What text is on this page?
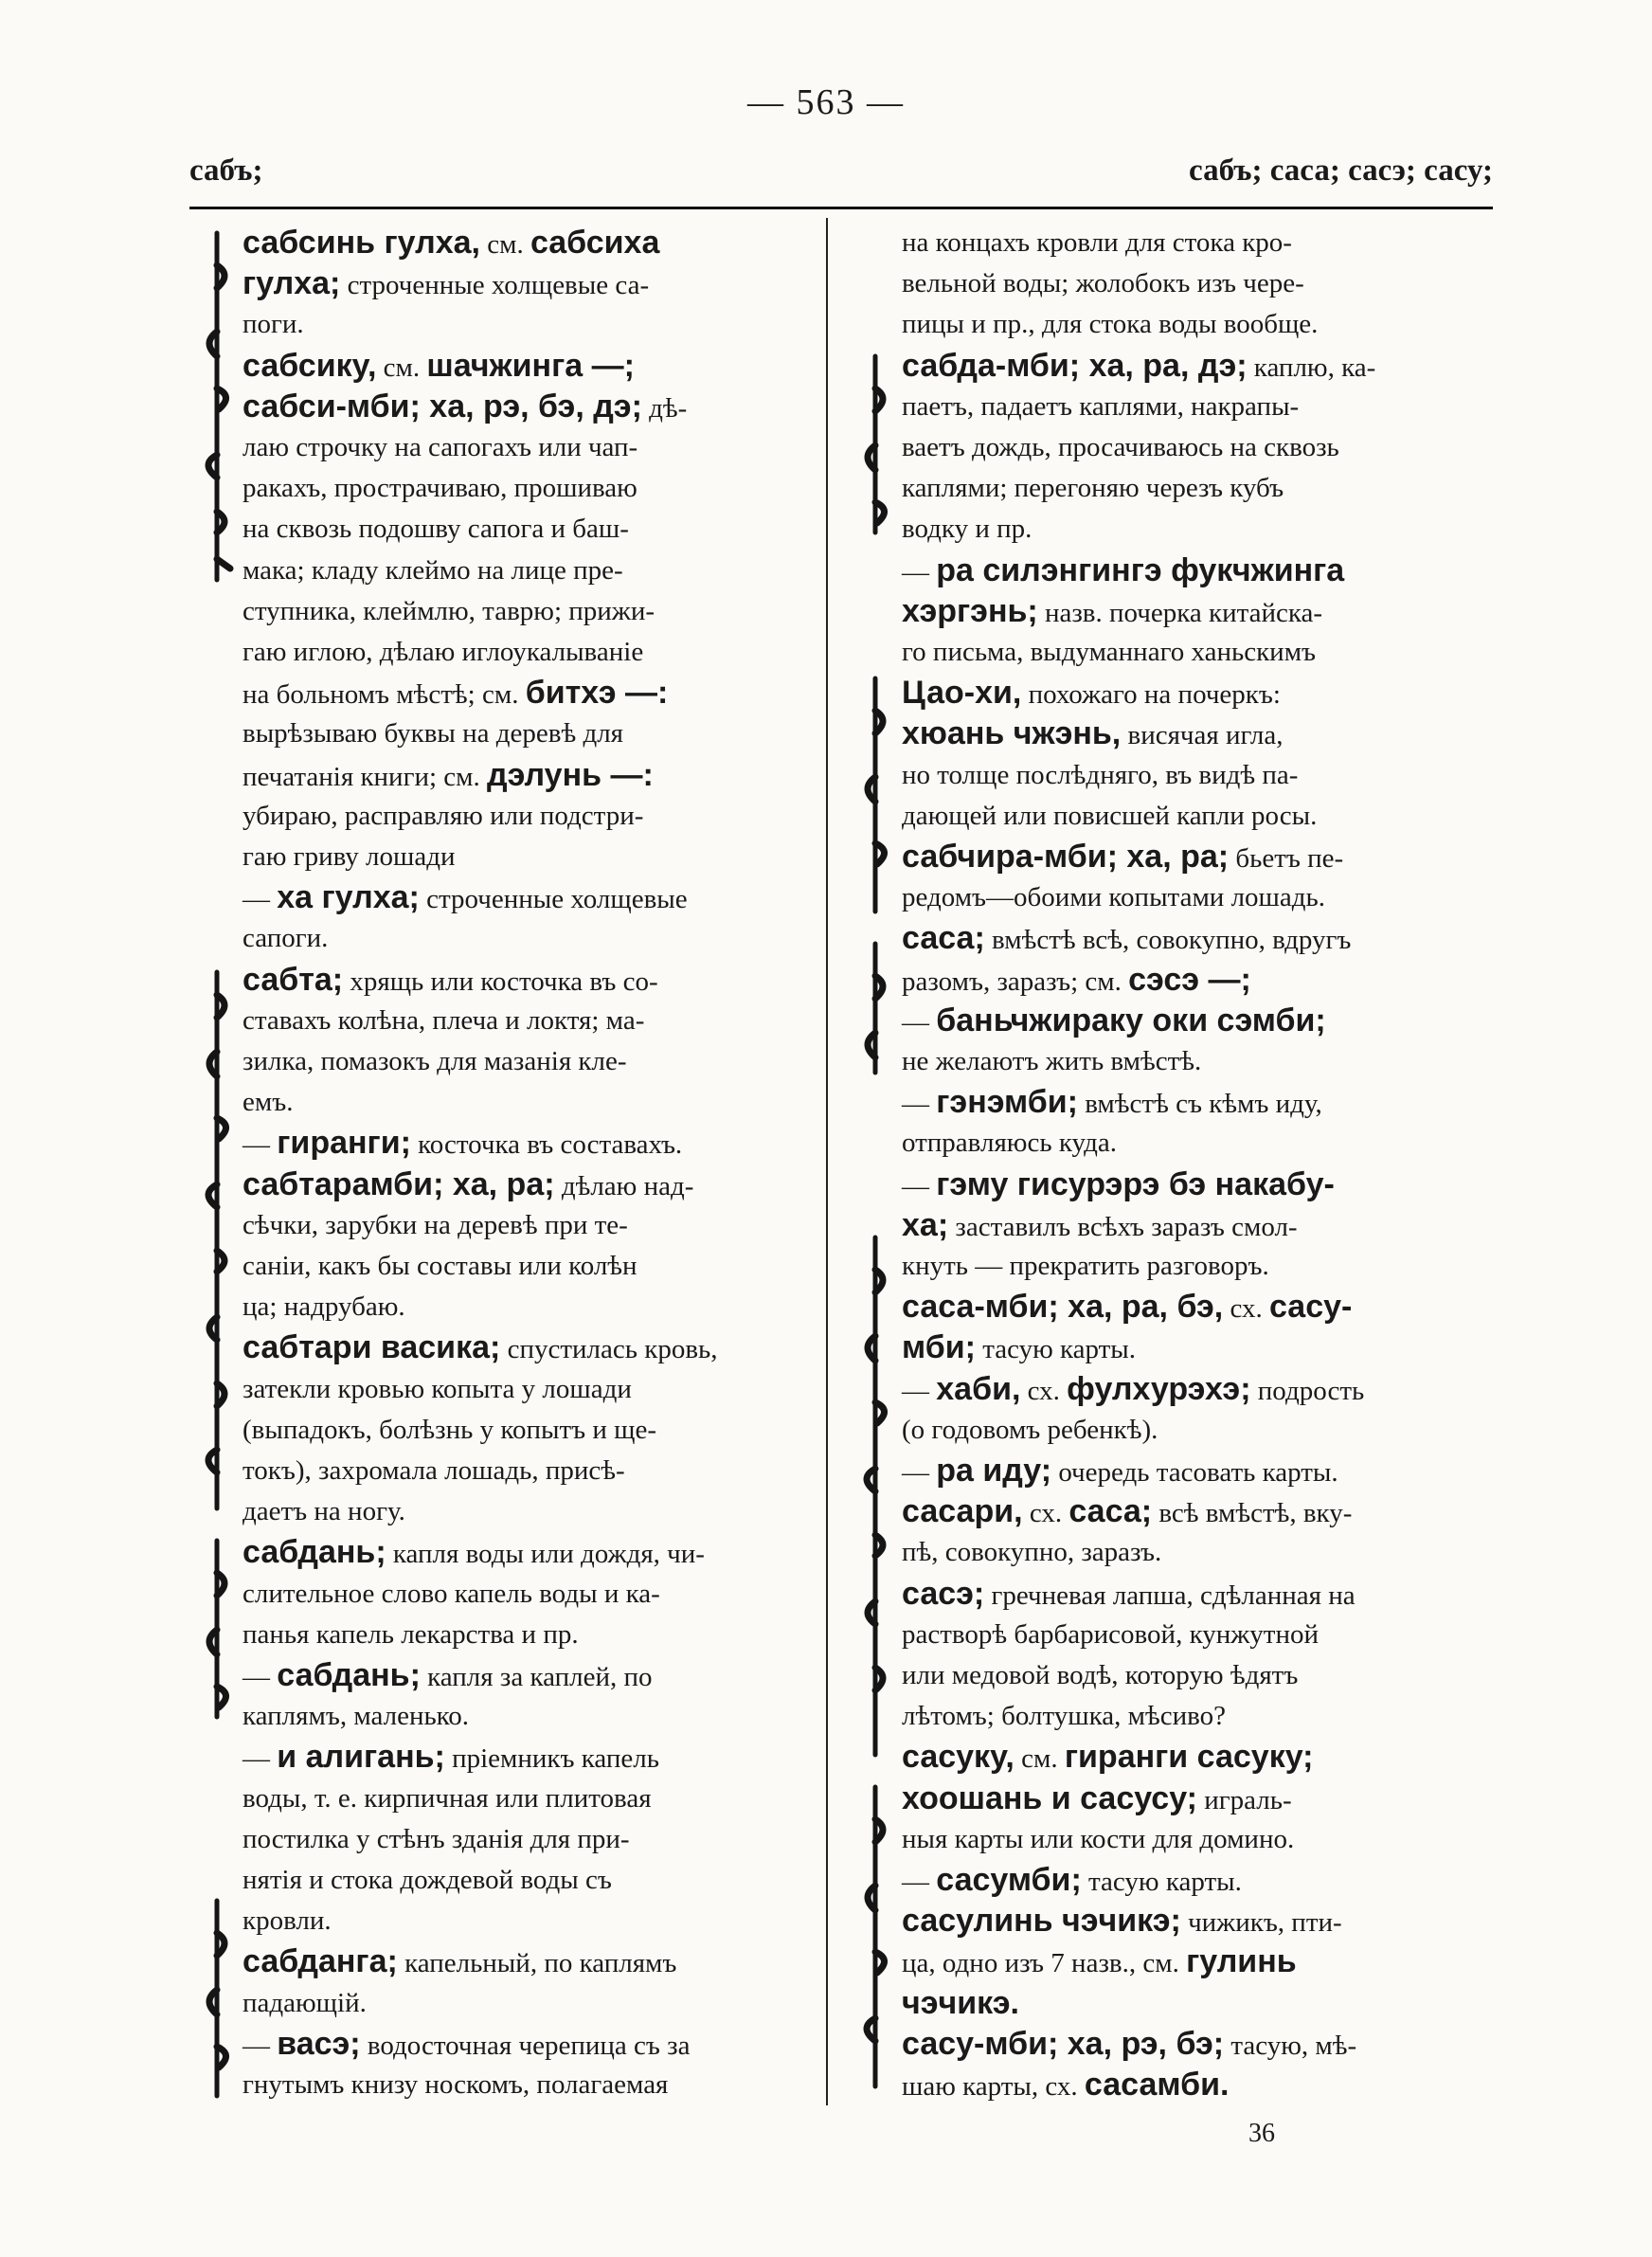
— 563 —
сабъ;	сабъ; саса; сасэ; сасу;
сабсинь гулха, см. сабсиха
гулха; строченные холщевые са-
поги.
сабсику, см. шачжинга —;
сабси-мби; ха, рэ, бэ, дэ; дѣ-
лаю строчку на сапогахъ или чап-
ракахъ, прострачиваю, прошиваю
на сквозь подошву сапога и баш-
мака; кладу клеймо на лице пре-
ступника, клеймлю, таврю; прижи-
гаю иглою, дѣлаю иглоукалываніе
на больномъ мѣстѣ; см. битхэ —:
вырѣзываю буквы на деревѣ для
печатанія книги; см. дэлунь —:
убираю, расправляю или подстри-
гаю гриву лошади
— ха гулха; строченные холщевые
сапоги.
сабта; хрящь или косточка въ со-
ставахъ колѣна, плеча и локтя; ма-
зилка, помазокъ для мазанія кле-
емъ.
— гиранги; косточка въ составахъ.
сабтарамби; ха, ра; дѣлаю над-
сѣчки, зарубки на деревѣ при те-
саніи, какъ бы составы или колѣн
ца; надрубаю.
сабтари васика; спустилась кровь,
затекли кровью копыта у лошади
(выпадокъ, болѣзнь у копытъ и ще-
токъ), захромала лошадь, присѣ-
даетъ на ногу.
сабдань; капля воды или дождя, чи-
слительное слово капель воды и ка-
панья капель лекарства и пр.
— сабдань; капля за каплей, по
каплямъ, маленько.
— и алигань; пріемникъ капель
воды, т. е. кирпичная или плитовая
постилка у стѣнъ зданія для при-
нятія и стока дождевой воды съ
кровли.
сабданга; капельный, по каплямъ
падающій.
— васэ; водосточная черепица съ за
гнутымъ книзу носкомъ, полагаемая
на концахъ кровли для стока кро-
вельной воды; жолобокъ изъ чере-
пицы и пр., для стока воды вообще.
сабда-мби; ха, ра, дэ; каплю, ка-
паетъ, падаетъ каплями, накрапы-
ваетъ дождь, просачиваюсь на сквозь
каплями; перегоняю черезъ кубъ
водку и пр.
— ра силэнгингэ фукчжинга
хэргэнь; назв. почерка китайска-
го письма, выдуманнаго ханьскимъ
Цао-хи, похожаго на почеркъ:
хюань чжэнь, висячая игла,
но толще послѣдняго, въ видѣ па-
дающей или повисшей капли росы.
сабчира-мби; ха, ра; бьетъ пе-
редомъ—обоими копытами лошадь.
саса; вмѣстѣ всѣ, совокупно, вдругъ
разомъ, заразъ; см. сэсэ —;
— баньчжираку оки сэмби;
не желаютъ жить вмѣстѣ.
— гэнэмби; вмѣстѣ съ кѣмъ иду,
отправляюсь куда.
— гэму гисурэрэ бэ накабу-
ха; заставилъ всѣхъ заразъ смол-
кнуть — прекратить разговоръ.
саса-мби; ха, ра, бэ, сх. сасу-
мби; тасую карты.
— хаби, сх. фулхурэхэ; подрость
(о годовомъ ребенкѣ).
— ра иду; очередь тасовать карты.
сасари, сх. саса; всѣ вмѣстѣ, вку-
пѣ, совокупно, заразъ.
сасэ; гречневая лапша, сдѣланная на
растворѣ барбарисовой, кунжутной
или медовой водѣ, которую ѣдятъ
лѣтомъ; болтушка, мѣсиво?
сасуку, см. гиранги сасуку;
хоошань и сасусу; играль-
ныя карты или кости для домино.
— сасумби; тасую карты.
сасулинь чэчикэ; чижикъ, пти-
ца, одно изъ 7 назв., см. гулинь
чэчикэ.
сасу-мби; ха, рэ, бэ; тасую, мѣ-
шаю карты, сх. сасамби.
36
